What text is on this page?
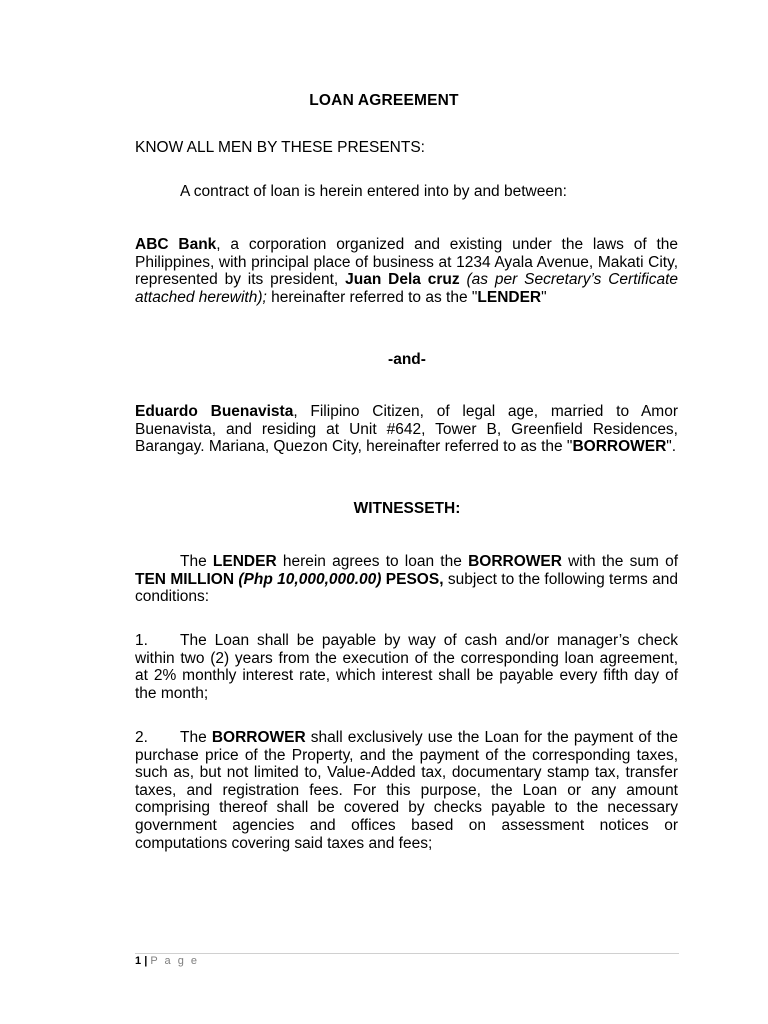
LOAN AGREEMENT
KNOW ALL MEN BY THESE PRESENTS:
A contract of loan is herein entered into by and between:
ABC Bank, a corporation organized and existing under the laws of the Philippines, with principal place of business at 1234 Ayala Avenue, Makati City, represented by its president, Juan Dela cruz (as per Secretary’s Certificate attached herewith); hereinafter referred to as the "LENDER"
-and-
Eduardo Buenavista, Filipino Citizen, of legal age, married to Amor Buenavista, and residing at Unit #642, Tower B, Greenfield Residences, Barangay. Mariana, Quezon City, hereinafter referred to as the "BORROWER".
WITNESSETH:
The LENDER herein agrees to loan the BORROWER with the sum of TEN MILLION (Php 10,000,000.00) PESOS, subject to the following terms and conditions:
1. The Loan shall be payable by way of cash and/or manager’s check within two (2) years from the execution of the corresponding loan agreement, at 2% monthly interest rate, which interest shall be payable every fifth day of the month;
2. The BORROWER shall exclusively use the Loan for the payment of the purchase price of the Property, and the payment of the corresponding taxes, such as, but not limited to, Value-Added tax, documentary stamp tax, transfer taxes, and registration fees. For this purpose, the Loan or any amount comprising thereof shall be covered by checks payable to the necessary government agencies and offices based on assessment notices or computations covering said taxes and fees;
1 | P a g e
